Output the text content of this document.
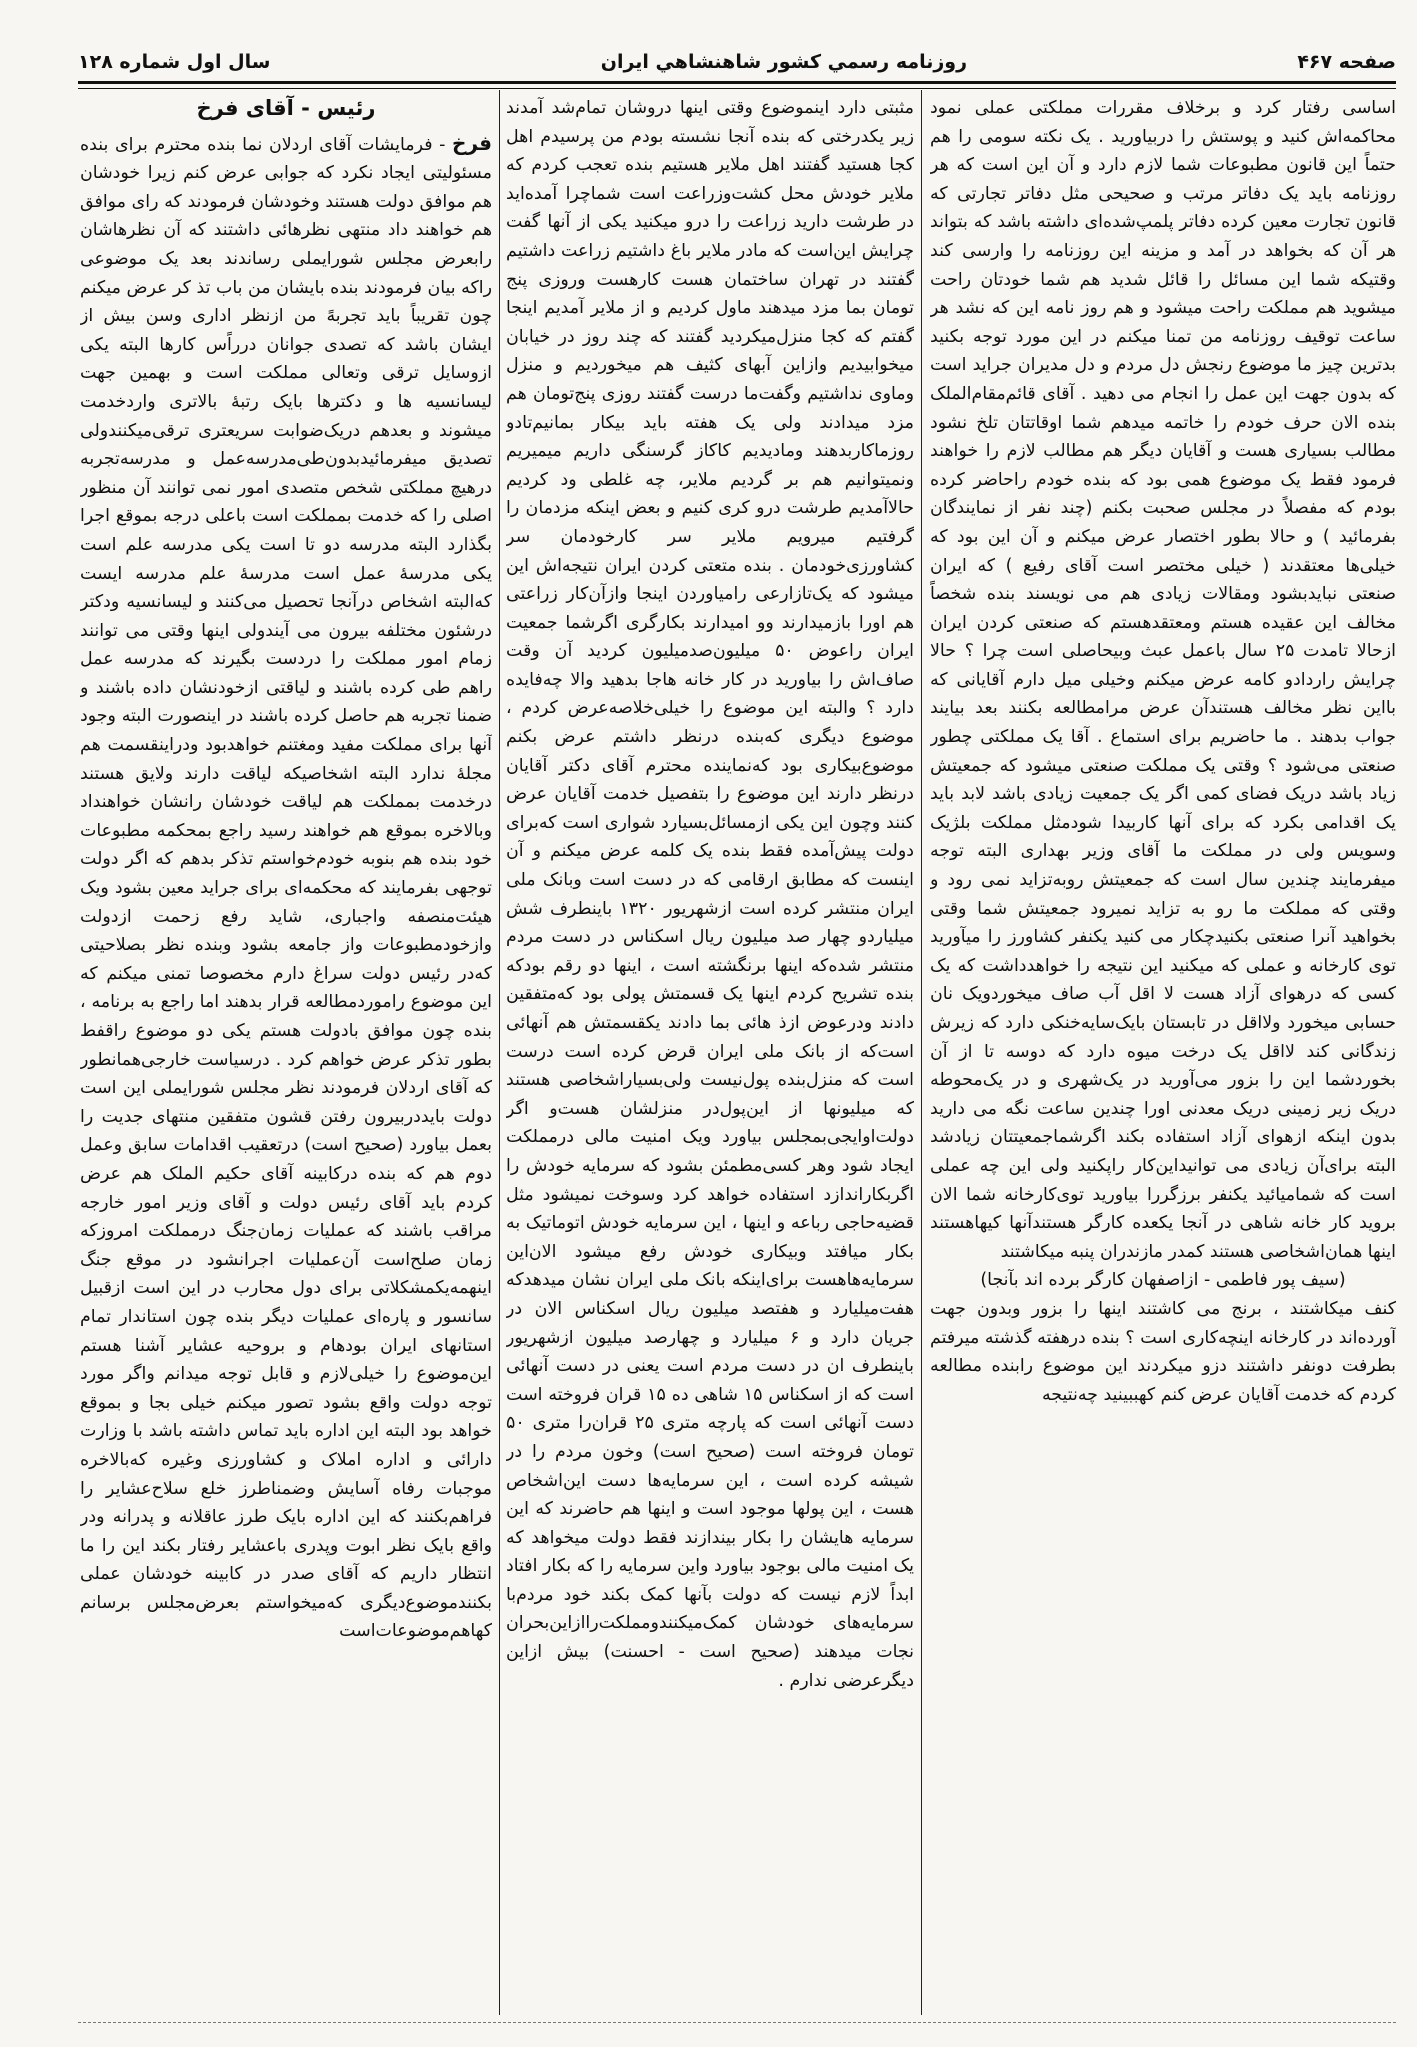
صفحه ۴۶۷
روزنامه رسمي كشور شاهنشاهي ايران
سال اول شماره ۱۲۸

اساسی رفتار کرد و برخلاف مقررات مملکتی عملی نمود محاکمه‌اش کنید و پوستش را دربیاورید . یک نکته سومی را هم حتماً این قانون مطبوعات شما لازم دارد و آن این است که هر روزنامه باید یک دفاتر مرتب و صحیحی مثل دفاتر تجارتی که قانون تجارت معین کرده دفاتر پلمپ‌شده‌ای داشته باشد که بتواند هر آن که بخواهد در آمد و مزینه این روزنامه را وارسی کند وقتیکه شما این مسائل را قائل شدید هم شما خودتان راحت میشوید هم مملکت راحت میشود و هم روز نامه این که نشد هر ساعت توقیف روزنامه من تمنا میکنم در این مورد توجه بکنید بدترین چیز ما موضوع رنجش دل مردم و دل مدیران جراید است که بدون جهت این عمل را انجام می دهید . آقای قائم‌مقام‌الملک بنده الان حرف خودم را خاتمه میدهم شما اوقاتتان تلخ نشود مطالب بسیاری هست و آقایان دیگر هم مطالب لازم را خواهند فرمود فقط یک موضوع همی بود که بنده خودم راحاضر کرده بودم که مفصلاً در مجلس صحبت بکنم (چند نفر از نمایندگان بفرمائید ) و حالا بطور اختصار عرض میکنم و آن این بود که خیلی‌ها معتقدند ( خیلی مختصر است آقای رفیع ) که ایران صنعتی نبایدبشود ومقالات زیادی هم می نویسند بنده شخصاً مخالف این عقیده هستم ومعتقدهستم که صنعتی کردن ایران ازحالا تامدت ۲۵ سال باعمل عبث وبیحاصلی است چرا ؟ حالا چرایش راردادو کامه عرض میکنم وخیلی میل دارم آقایانی که بااین نظر مخالف هستندآن عرض مرامطالعه بکنند بعد بیایند جواب بدهند . ما حاضریم برای استماع . آقا یک مملکتی چطور صنعتی می‌شود ؟ وقتی یک مملکت صنعتی میشود که جمعیتش زیاد باشد دریک فضای کمی اگر یک جمعیت زیادی باشد لابد باید یک اقدامی بکرد که برای آنها کاربیدا شودمثل مملکت بلژیک وسویس ولی در مملکت ما آقای وزیر بهداری البته توجه میفرمایند چندین سال است که جمعیتش روبه‌تزاید نمی رود و وقتی که مملکت ما رو به تزاید نمیرود جمعیتش شما وقتی بخواهید آنرا صنعتی بکنید‌چکار می کنید یکنفر کشاورز را میآورید توی کارخانه و عملی که میکنید این نتیجه را خواهدداشت که یک کسی که درهوای آزاد هست لا اقل آب صاف میخوردویک نان حسابی میخورد ولااقل در تابستان بایک‌سایه‌خنکی دارد که زیرش زندگانی کند لااقل یک درخت میوه دارد که دوسه تا از آن بخوردشما این را بزور می‌آورید در یک‌شهری و در یک‌محوطه دریک زیر زمینی دریک معدنی اورا چندین ساعت نگه می دارید بدون اینکه ازهوای آزاد استفاده بکند اگرشماجمعیتتان زیادشد البته برای‌آن زیادی می توانیداین‌کار راپکنید ولی این چه عملی است که شمامیائید یکنفر برزگررا بیاورید توی‌کارخانه شما الان بروید کار خانه شاهی در آنجا یکعده کارگر هستندآنها کیها‌هستند اینها همان‌اشخاصی هستند کمدر مازندران پنبه میکاشتند

(سیف پور فاطمی - ازاصفهان کارگر برده اند بآنجا)

کنف میکاشتند ، برنج می کاشتند اینها را بزور وبدون جهت آورده‌اند در کارخانه اینچه‌کاری است ؟ بنده درهفته گذشته میرفتم بطرفت دونفر داشتند دزو میکردند این موضوع رابنده مطالعه کردم که خدمت آقایان عرض کنم کهببینید چه‌نتیجه

مثبتی دارد اینموضوع وقتی اینها دروشان تمام‌شد آمدند زیر یکدرختی که بنده آنجا نشسته بودم من پرسیدم اهل کجا هستید گفتند اهل ملایر هستیم بنده تعجب کردم که ملایر خودش محل کشت‌وزراعت است شماچرا آمده‌اید در طرشت دارید زراعت را درو میکنید یکی از آنها گفت چرایش این‌است که مادر ملایر باغ داشتیم زراعت داشتیم گفتند در تهران ساختمان هست کارهست وروزی پنج تومان بما مزد میدهند ماول کردیم و از ملایر آمدیم اینجا گفتم که کجا منزل‌میکردید گفتند که چند روز در خیابان میخوابیدیم وازاین آبهای کثیف هم میخوردیم و منزل وماوی نداشتیم وگفت‌ما درست گفتند روزی پنج‌تومان هم مزد میدادند ولی یک هفته باید بیکار بمانیم‌تادو روز‌ماکاربدهند ومادیدیم کاکاز گرسنگی داریم میمیریم ونمیتوانیم هم بر گردیم ملایر، چه غلطی ود کردیم حالاآمدیم طرشت درو کری کنیم و بعض اینکه مزدمان را گرفتیم میرویم ملایر سر کارخودمان سر کشاورزی‌خودمان . بنده متعتی کردن ایران نتیجه‌اش این میشود که یک‌تازارعی رامیاوردن اینجا وازآن‌کار زراعتی هم اورا بازمیدارند وو امیدارند بکارگری اگرشما جمعیت ایران راعوض ۵۰ میلیون‌صدمیلیون کردید آن وقت صاف‌اش را بیاورید در کار خانه هاجا بدهید والا چه‌فایده دارد ؟ والبته این موضوع را خیلی‌خلاصه‌عرض کردم ، موضوع دیگری که‌بنده درنظر داشتم عرض بکنم موضوع‌بیکاری بود که‌نماینده محترم آقای دکتر آقایان درنظر دارند این موضوع را بتفصیل خدمت آقایان عرض کنند وچون این یکی ازمسائل‌بسیارد شواری است که‌برای دولت پیش‌آمده فقط بنده یک کلمه عرض میکنم و آن اینست که مطابق ارقامی که در دست است وبانک ملی ایران منتشر کرده است ازشهریور ۱۳۲۰ باینطرف شش میلیاردو چهار صد میلیون ریال اسکناس در دست مردم منتشر شده‌که اینها برنگشته است ، اینها دو رقم بودکه بنده تشریح کردم اینها یک قسمتش پولی بود که‌متفقین دادند ودرعوض ازذ هائی بما دادند یکقسمتش هم آنهائی است‌که از بانک ملی ایران قرض کرده است درست است که منزل‌بنده پول‌نیست ولی‌بسیاراشخاصی هستند که میلیونها از این‌پول‌در منزلشان هست‌و اگر دولت‌اوایجی‌بمجلس بیاورد ویک امنیت مالی درمملکت ایجاد شود وهر کسی‌مطمئن بشود که سرمایه‌ خودش را اگربکاراندازد استفاده خواهد کرد وسوخت نمیشود مثل قضیه‌حاجی رباعه و اینها ، این سرمایه خودش اتوماتیک به بکار میافتد وبیکاری خودش رفع میشود الان‌این سرمایه‌هاهست برای‌اینکه بانک ملی ایران نشان میدهد‌که هفت‌میلیارد و هفتصد میلیون ریال اسکناس الان در جریان دارد و ۶ میلیارد و چهارصد میلیون ازشهریور باینطرف ان در دست مردم است یعنی در دست آنهائی است که از اسکناس ۱۵ شاهی ده ۱۵ قران فروخته است دست آنهائی است که پارچه متری ۲۵ قران‌را متری ۵۰ تومان فروخته است (صحیح است) وخون مردم را در شیشه کرده است ، این سرمایه‌ها دست این‌اشخاص هست ، این پولها موجود است و اینها هم حاضرند که این سرمایه هایشان را بکار بیندازند فقط دولت میخواهد که یک امنیت مالی بوجود بیاورد واین سرمایه را که بکار افتاد ابداً لازم نیست که دولت بآنها کمک بکند خود مردم‌با سرمایه‌های خودشان کمک‌میکنند‌ومملکت‌راازاین‌بحران نجات میدهند (صحیح است - احسنت) بیش ازاین دیگرعرضی ندارم .

رئیس - آقای فرخ

فرخ - فرمایشات آقای اردلان نما بنده محترم برای بنده مسئولیتی ایجاد نکرد که جوابی عرض کنم زیرا خودشان هم موافق دولت هستند وخودشان فرمودند که رای موافق هم خواهند داد منتهی نظرهائی داشتند که آن نظرهاشان رابعرض مجلس شورایملی رساندند بعد یک موضوعی راکه بیان فرمودند بنده بایشان من باب تذ کر عرض میکنم چون تقریباً باید تجربهً من ازنظر اداری وسن بیش از ایشان باشد که تصدی جوانان درراًس کارها البته یکی ازوسایل ترقی وتعالی مملکت است و بهمین جهت لیسانسیه ها و دکترها بایک رتبهٔ بالاتری واردخدمت میشوند و بعدهم دریک‌ضوابت سریعتری ترقی‌میکنندولی تصدیق میفرمائید‌بدون‌طی‌مدرسه‌عمل و مدرسه‌تجربه درهیچ مملکتی شخص متصدی امور نمی توانند آن منظور اصلی را که خدمت بمملکت است باعلی درجه بموقع اجرا بگذارد البته مدرسه دو تا است یکی مدرسه علم است یکی مدرسهٔ عمل است مدرسهٔ علم مدرسه ایست که‌البته اشخاص درآنجا تحصیل می‌کنند و لیسانسیه ودکتر درشئون مختلفه بیرون می آیندولی اینها وقتی می توانند زمام امور مملکت را دردست بگیرند که مدرسه عمل راهم طی کرده باشند و لیاقتی ازخودنشان داده باشند و ضمنا تجربه هم حاصل کرده باشند در اینصورت البته وجود آنها برای مملکت مفید ومغتنم خواهدبود ودراینقسمت هم مجلهٔ ندارد البته اشخاصیکه لیاقت دارند ولایق هستند درخدمت بمملکت هم لیاقت خودشان رانشان خواهنداد وبالاخره بموقع هم خواهند رسید راجع بمحکمه مطبوعات خود بنده هم بنوبه خودم‌خواستم تذکر بدهم که اگر دولت توجهی بفرمایند که محکمه‌ای برای جراید معین بشود ویک هیئت‌منصفه واجباری، شاید رفع زحمت ازدولت وازخودمطبوعات واز جامعه بشود وبنده نظر بصلاحیتی که‌در رئیس دولت سراغ دارم مخصوصا تمنی میکنم که این موضوع راموردمطالعه قرار بدهند اما راجع به برنامه ، بنده چون موافق بادولت هستم یکی دو موضوع راقفط بطور تذکر عرض خواهم کرد . درسیاست خارجی‌همانطور که آقای اردلان فرمودند نظر مجلس شورایملی این است دولت بایددربیرون رفتن قشون متفقین منتهای جدیت را بعمل بیاورد (صحیح است) درتعقیب اقدامات سابق وعمل دوم هم که بنده درکابینه آقای حکیم الملک هم عرض کردم باید آقای رئیس دولت و آقای وزیر امور خارجه مراقب باشند که عملیات زمان‌جنگ درمملکت امروزکه زمان صلح‌است آن‌عملیات اجرانشود در موقع جنگ اینهمه‌یکمشکلاتی برای دول محارب در این است ازقبیل سانسور و پاره‌ای عملیات دیگر بنده چون استاندار تمام استانهای ایران بودهام و بروحیه عشایر آشنا هستم این‌موضوع را خیلی‌لازم و قابل توجه میدانم واگر مورد توجه دولت واقع بشود تصور میکنم خیلی بجا و بموقع خواهد بود البته این اداره باید تماس داشته باشد با وزارت دارائی و اداره املاک و کشاورزی وغیره که‌بالاخره موجبات رفاه آسایش وضمناطرز خلع سلاح‌عشایر را فراهم‌بکنند که این اداره بایک طرز عاقلانه و پدرانه ودر واقع بایک نظر ابوت وپدری باعشایر رفتار بکند این را ما انتظار داریم که آقای صدر در کابینه خودشان عملی بکنند‌موضوع‌دیگری که‌میخواستم بعرض‌مجلس برسانم کهاهم‌موضوعات‌است
